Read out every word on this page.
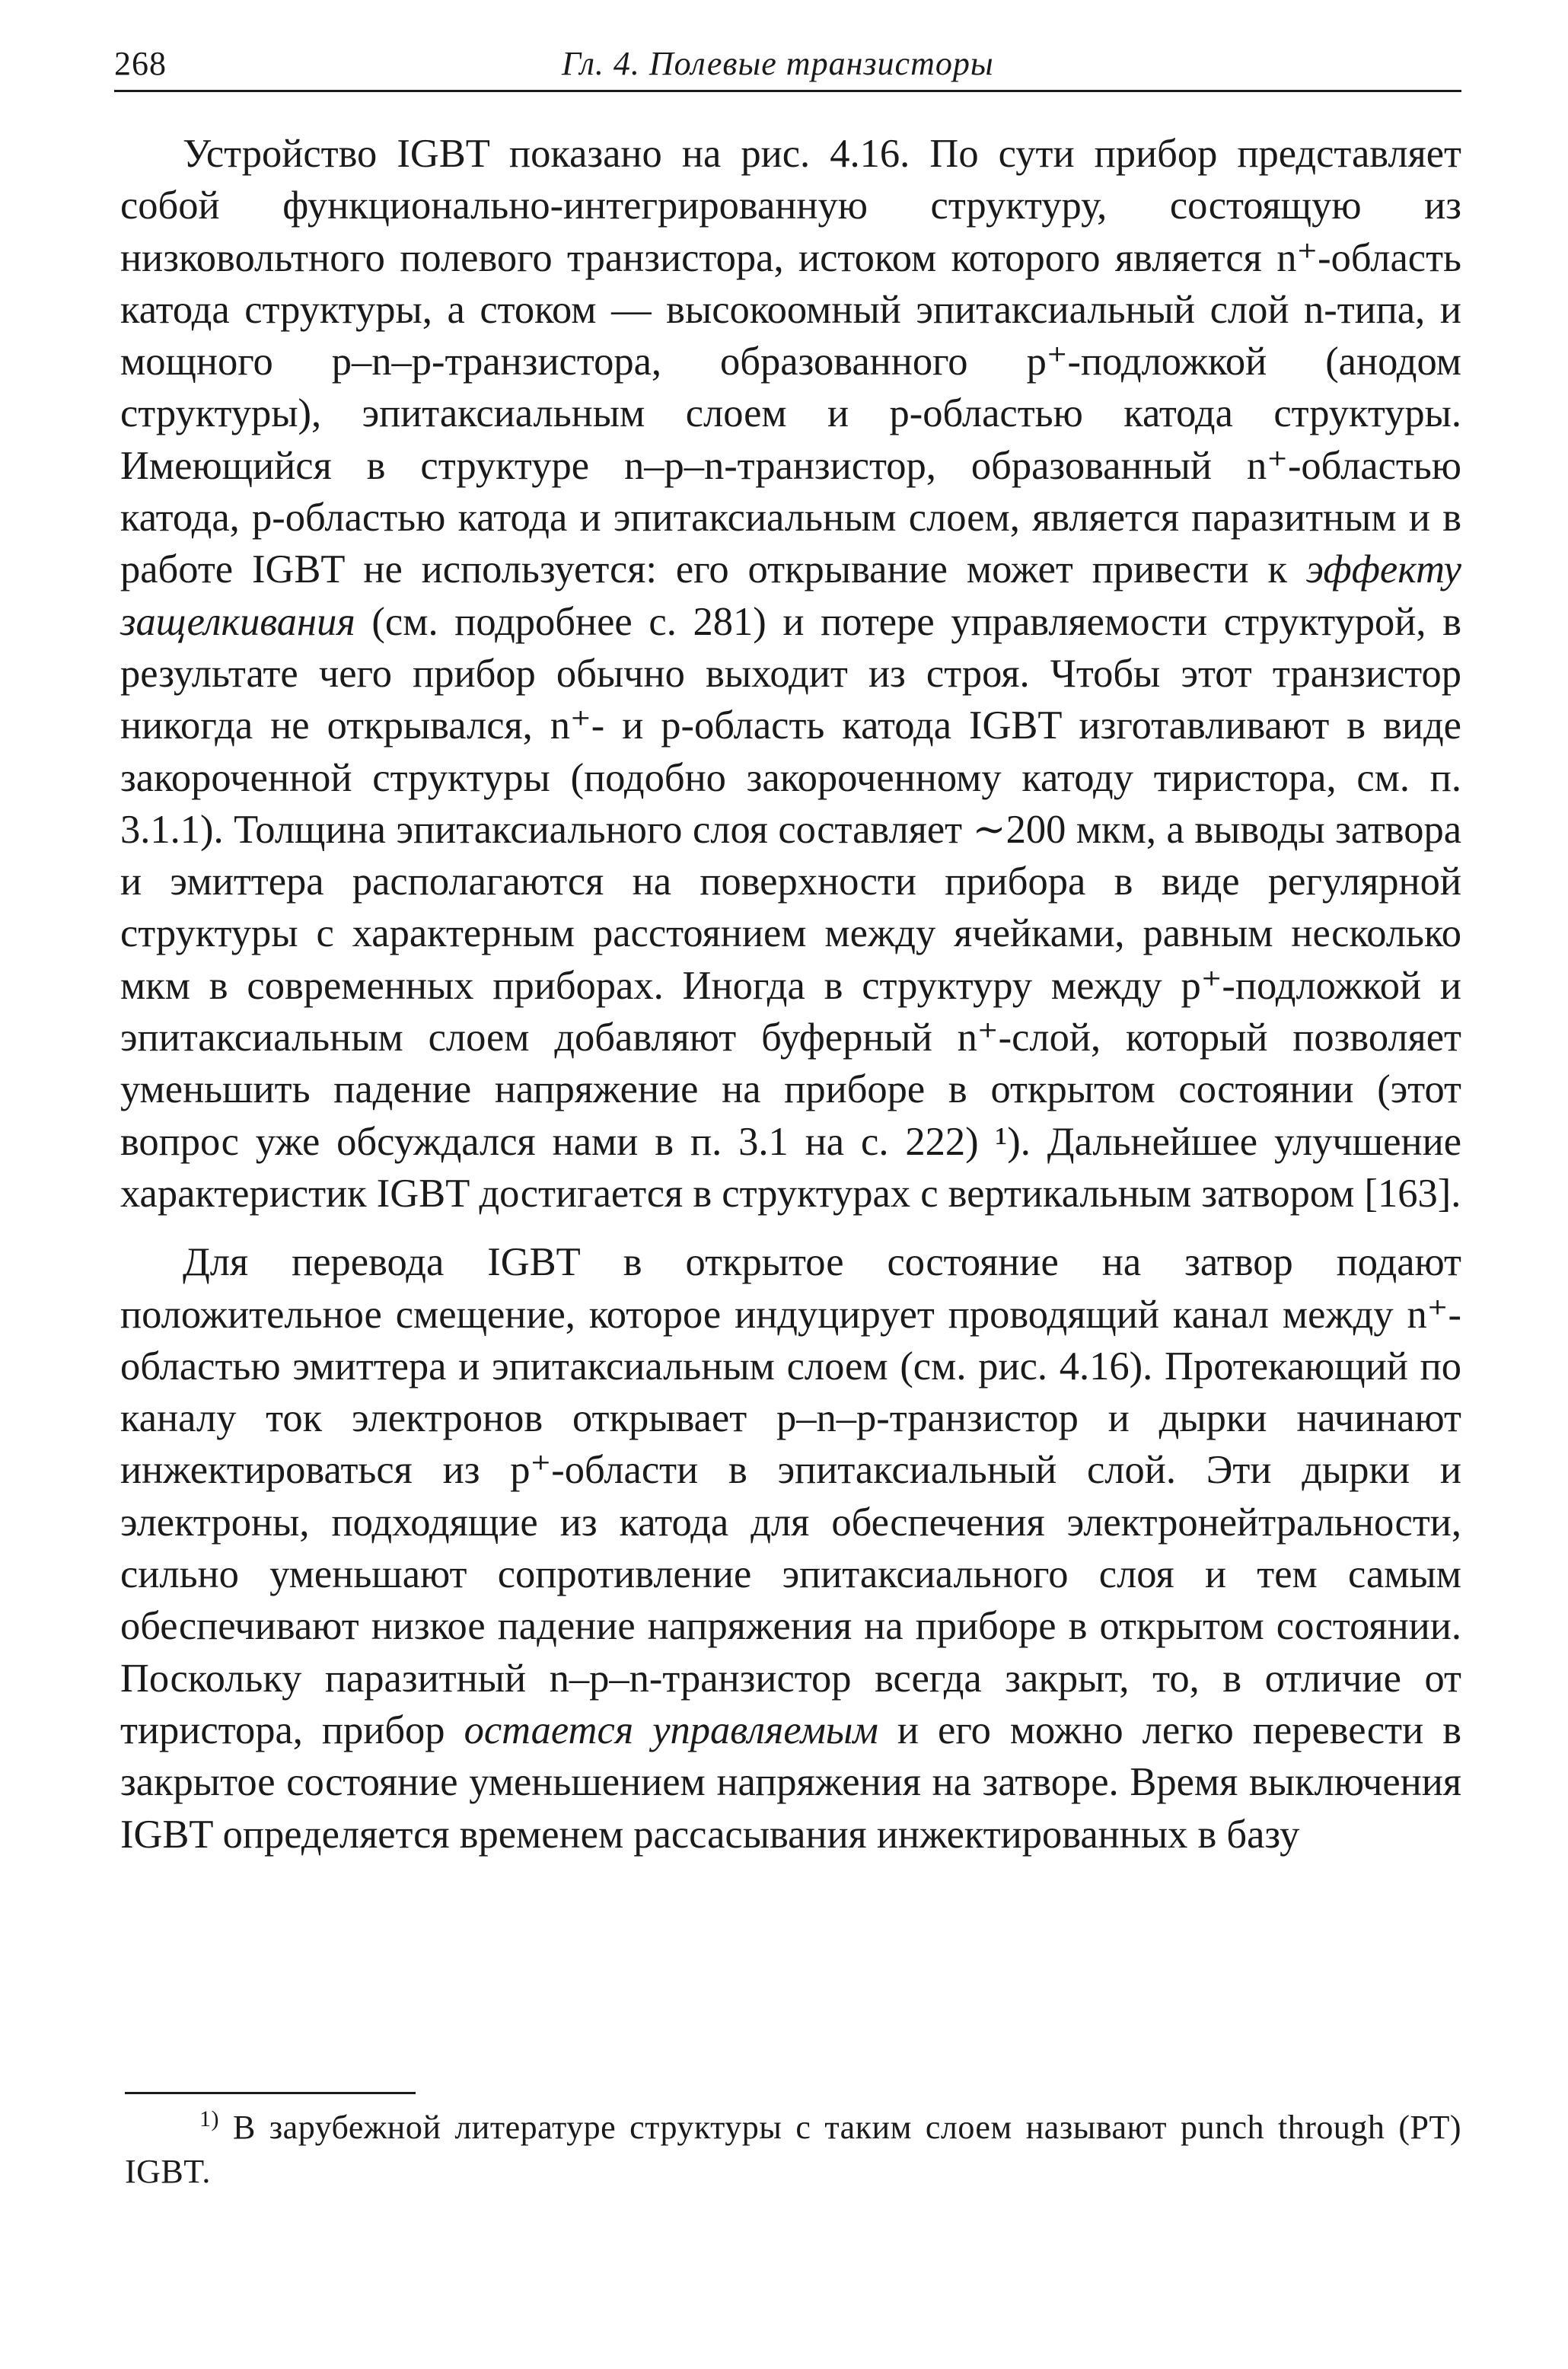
268	Гл. 4. Полевые транзисторы

Устройство IGBT показано на рис. 4.16. По сути прибор представляет собой функционально-интегрированную структуру, состоящую из низковольтного полевого транзистора, истоком которого является n⁺-область катода структуры, а стоком — высокоомный эпитаксиальный слой n-типа, и мощного p–n–p-транзистора, образованного p⁺-подложкой (анодом структуры), эпитаксиальным слоем и p-областью катода структуры. Имеющийся в структуре n–p–n-транзистор, образованный n⁺-областью катода, p-областью катода и эпитаксиальным слоем, является паразитным и в работе IGBT не используется: его открывание может привести к эффекту защелкивания (см. подробнее с. 281) и потере управляемости структурой, в результате чего прибор обычно выходит из строя. Чтобы этот транзистор никогда не открывался, n⁺- и p-область катода IGBT изготавливают в виде закороченной структуры (подобно закороченному катоду тиристора, см. п. 3.1.1). Толщина эпитаксиального слоя составляет ∼200 мкм, а выводы затвора и эмиттера располагаются на поверхности прибора в виде регулярной структуры с характерным расстоянием между ячейками, равным несколько мкм в современных приборах. Иногда в структуру между p⁺-подложкой и эпитаксиальным слоем добавляют буферный n⁺-слой, который позволяет уменьшить падение напряжение на приборе в открытом состоянии (этот вопрос уже обсуждался нами в п. 3.1 на с. 222) ¹). Дальнейшее улучшение характеристик IGBT достигается в структурах с вертикальным затвором [163].

Для перевода IGBT в открытое состояние на затвор подают положительное смещение, которое индуцирует проводящий канал между n⁺-областью эмиттера и эпитаксиальным слоем (см. рис. 4.16). Протекающий по каналу ток электронов открывает p–n–p-транзистор и дырки начинают инжектироваться из p⁺-области в эпитаксиальный слой. Эти дырки и электроны, подходящие из катода для обеспечения электронейтральности, сильно уменьшают сопротивление эпитаксиального слоя и тем самым обеспечивают низкое падение напряжения на приборе в открытом состоянии. Поскольку паразитный n–p–n-транзистор всегда закрыт, то, в отличие от тиристора, прибор остается управляемым и его можно легко перевести в закрытое состояние уменьшением напряжения на затворе. Время выключения IGBT определяется временем рассасывания инжектированных в базу

$^{1)}$ В зарубежной литературе структуры с таким слоем называют punch through (PT) IGBT.
